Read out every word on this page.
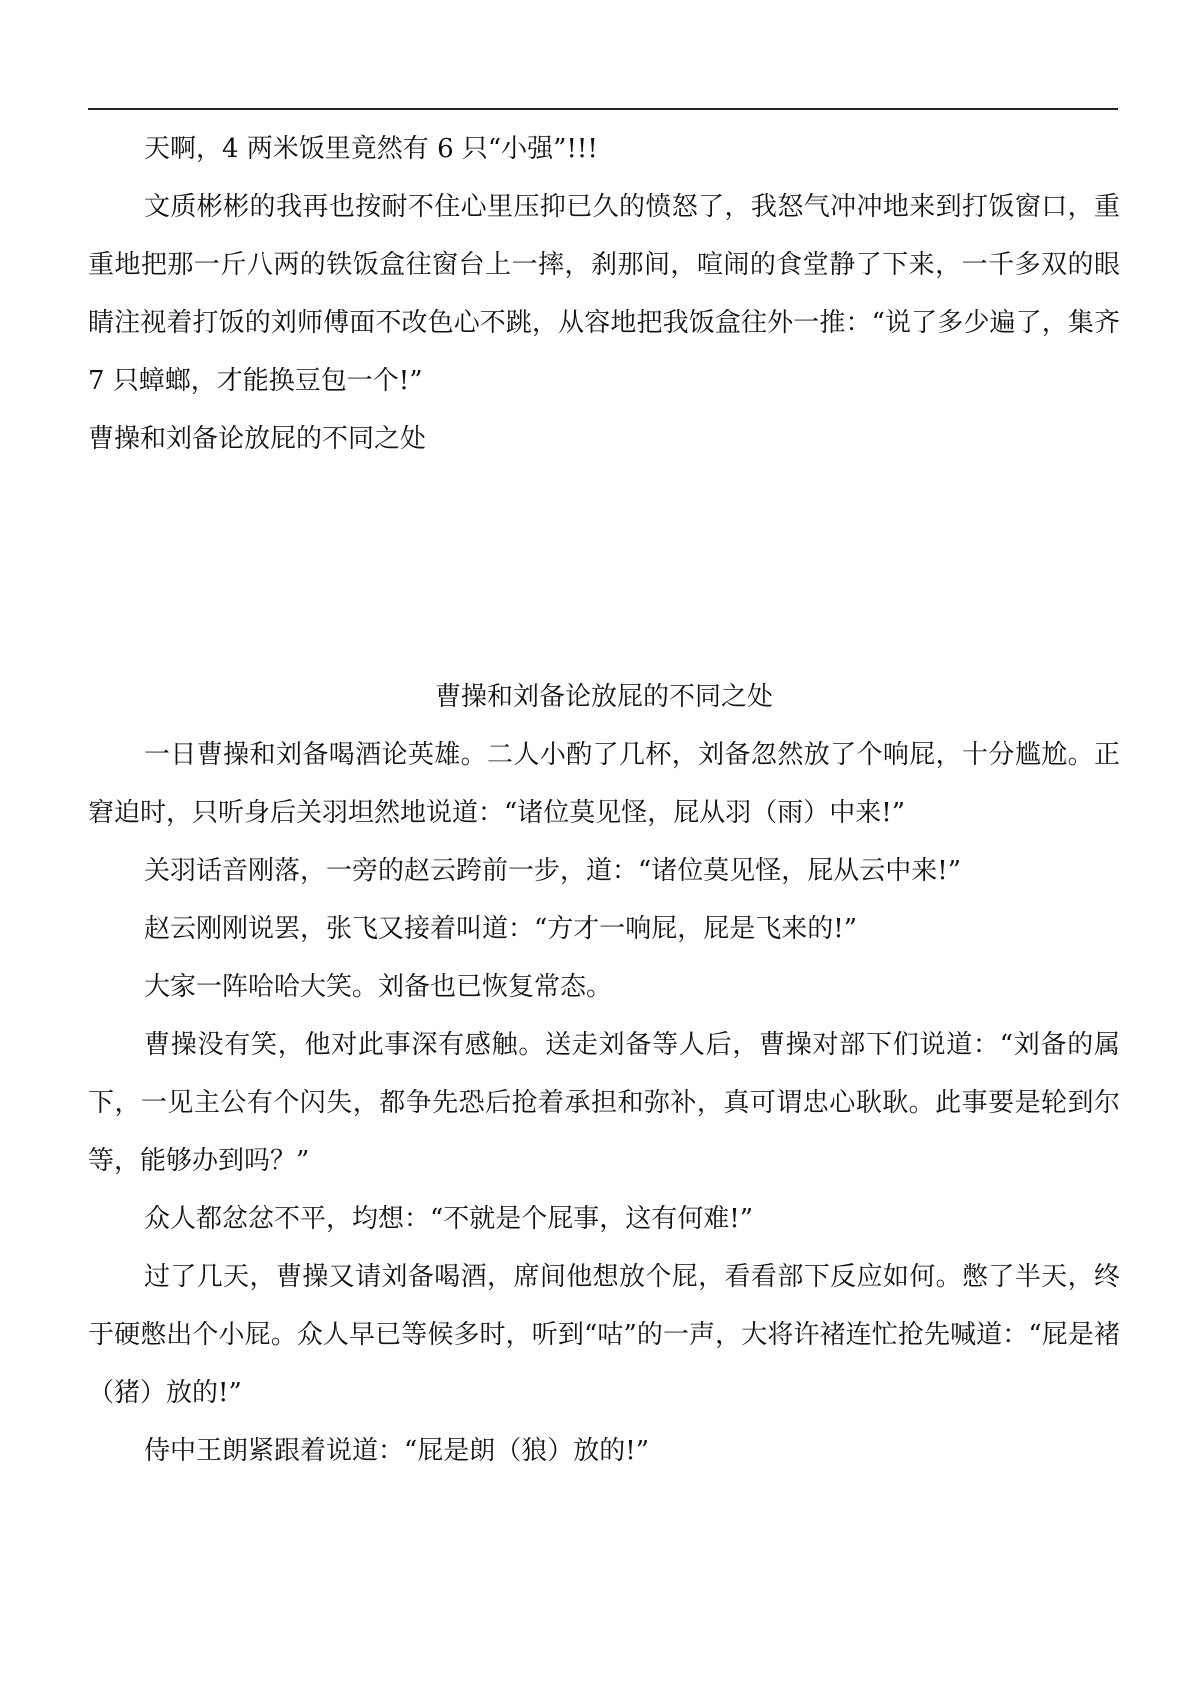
天啊，4 两米饭里竟然有 6 只“小强”!!!

文质彬彬的我再也按耐不住心里压抑已久的愤怒了，我怒气冲冲地来到打饭窗口，重重地把那一斤八两的铁饭盒往窗台上一摔，刹那间，喧闹的食堂静了下来，一千多双的眼睛注视着打饭的刘师傅面不改色心不跳，从容地把我饭盒往外一推：“说了多少遍了，集齐 7 只蟑螂，才能换豆包一个!”

曹操和刘备论放屁的不同之处

曹操和刘备论放屁的不同之处

一日曹操和刘备喝酒论英雄。二人小酌了几杯，刘备忽然放了个响屁，十分尴尬。正窘迫时，只听身后关羽坦然地说道：“诸位莫见怪，屁从羽（雨）中来!”

关羽话音刚落，一旁的赵云跨前一步，道：“诸位莫见怪，屁从云中来!”

赵云刚刚说罢，张飞又接着叫道：“方才一响屁，屁是飞来的!”

大家一阵哈哈大笑。刘备也已恢复常态。

曹操没有笑，他对此事深有感触。送走刘备等人后，曹操对部下们说道：“刘备的属下，一见主公有个闪失，都争先恐后抢着承担和弥补，真可谓忠心耿耿。此事要是轮到尔等，能够办到吗？”

众人都忿忿不平，均想：“不就是个屁事，这有何难!”

过了几天，曹操又请刘备喝酒，席间他想放个屁，看看部下反应如何。憋了半天，终于硬憋出个小屁。众人早已等候多时，听到“咕”的一声，大将许褚连忙抢先喊道：“屁是褚（猪）放的!”

侍中王朗紧跟着说道：“屁是朗（狼）放的!”
